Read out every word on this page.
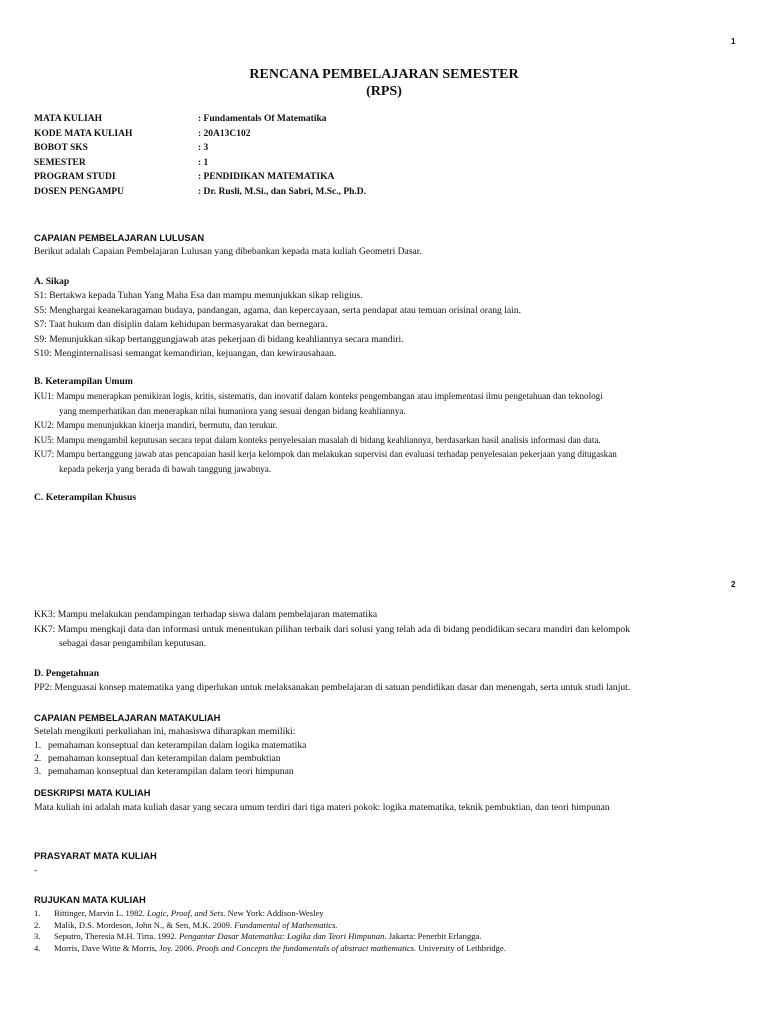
1
RENCANA PEMBELAJARAN SEMESTER
(RPS)
MATA KULIAH	: Fundamentals Of Matematika
KODE MATA KULIAH	: 20A13C102
BOBOT SKS	: 3
SEMESTER	: 1
PROGRAM STUDI	: PENDIDIKAN MATEMATIKA
DOSEN PENGAMPU	: Dr. Rusli, M.Si., dan Sabri, M.Sc., Ph.D.
CAPAIAN PEMBELAJARAN LULUSAN
Berikut adalah Capaian Pembelajaran Lulusan yang dibebankan kepada mata kuliah Geometri Dasar.
A. Sikap
S1: Bertakwa kepada Tuhan Yang Maha Esa dan mampu menunjukkan sikap religius.
S5: Menghargai keanekaragaman budaya, pandangan, agama, dan kepercayaan, serta pendapat atau temuan orisinal orang lain.
S7: Taat hukum dan disiplin dalam kehidupan bermasyarakat dan bernegara.
S9: Menunjukkan sikap bertanggungjawab atas pekerjaan di bidang keahliannya secara mandiri.
S10: Menginternalisasi semangat kemandirian, kejuangan, dan kewirausahaan.
B. Keterampilan Umum
KU1: Mampu menerapkan pemikiran logis, kritis, sistematis, dan inovatif dalam konteks pengembangan atau implementasi ilmu pengetahuan dan teknologi
yang memperhatikan dan menerapkan nilai humaniora yang sesuai dengan bidang keahliannya.
KU2: Mampu menunjukkan kinerja mandiri, bermutu, dan terukur.
KU5: Mampu mengambil keputusan secara tepat dalam konteks penyelesaian masalah di bidang keahliannya, berdasarkan hasil analisis informasi dan data.
KU7: Mampu bertanggung jawab atas pencapaian hasil kerja kelompok dan melakukan supervisi dan evaluasi terhadap penyelesaian pekerjaan yang ditugaskan
kepada pekerja yang berada di bawah tanggung jawabnya.
C. Keterampilan Khusus
2
KK3: Mampu melakukan pendampingan terhadap siswa dalam pembelajaran matematika
KK7: Mampu mengkaji data dan informasi untuk menentukan pilihan terbaik dari solusi yang telah ada di bidang pendidikan secara mandiri dan kelompok
sebagai dasar pengambilan keputusan.
D. Pengetahuan
PP2: Menguasai konsep matematika yang diperlukan untuk melaksanakan pembelajaran di satuan pendidikan dasar dan menengah, serta untuk studi lanjut.
CAPAIAN PEMBELAJARAN MATAKULIAH
Setelah mengikuti perkuliahan ini, mahasiswa diharapkan memiliki:
1. pemahaman konseptual dan keterampilan dalam logika matematika
2. pemahaman konseptual dan keterampilan dalam pembuktian
3. pemahaman konseptual dan keterampilan dalam teori himpunan
DESKRIPSI MATA KULIAH
Mata kuliah ini adalah mata kuliah dasar yang secara umum terdiri dari tiga materi pokok: logika matematika, teknik pembuktian, dan teori himpunan
PRASYARAT MATA KULIAH
-
RUJUKAN MATA KULIAH
1. Bittinger, Marvin L. 1982. Logic, Proof, and Sets. New York: Addison-Wesley
2. Malik, D.S. Mordeson, John N., & Sen, M.K. 2009. Fundamental of Mathematics.
3. Seputro, Theresia M.H. Tirta. 1992. Pengantar Dasar Matematika: Logika dan Teori Himpunan. Jakarta: Penerbit Erlangga.
4. Morris, Dave Witte & Morris, Joy. 2006. Proofs and Concepts the fundamentals of abstract mathematics. University of Lethbridge.
